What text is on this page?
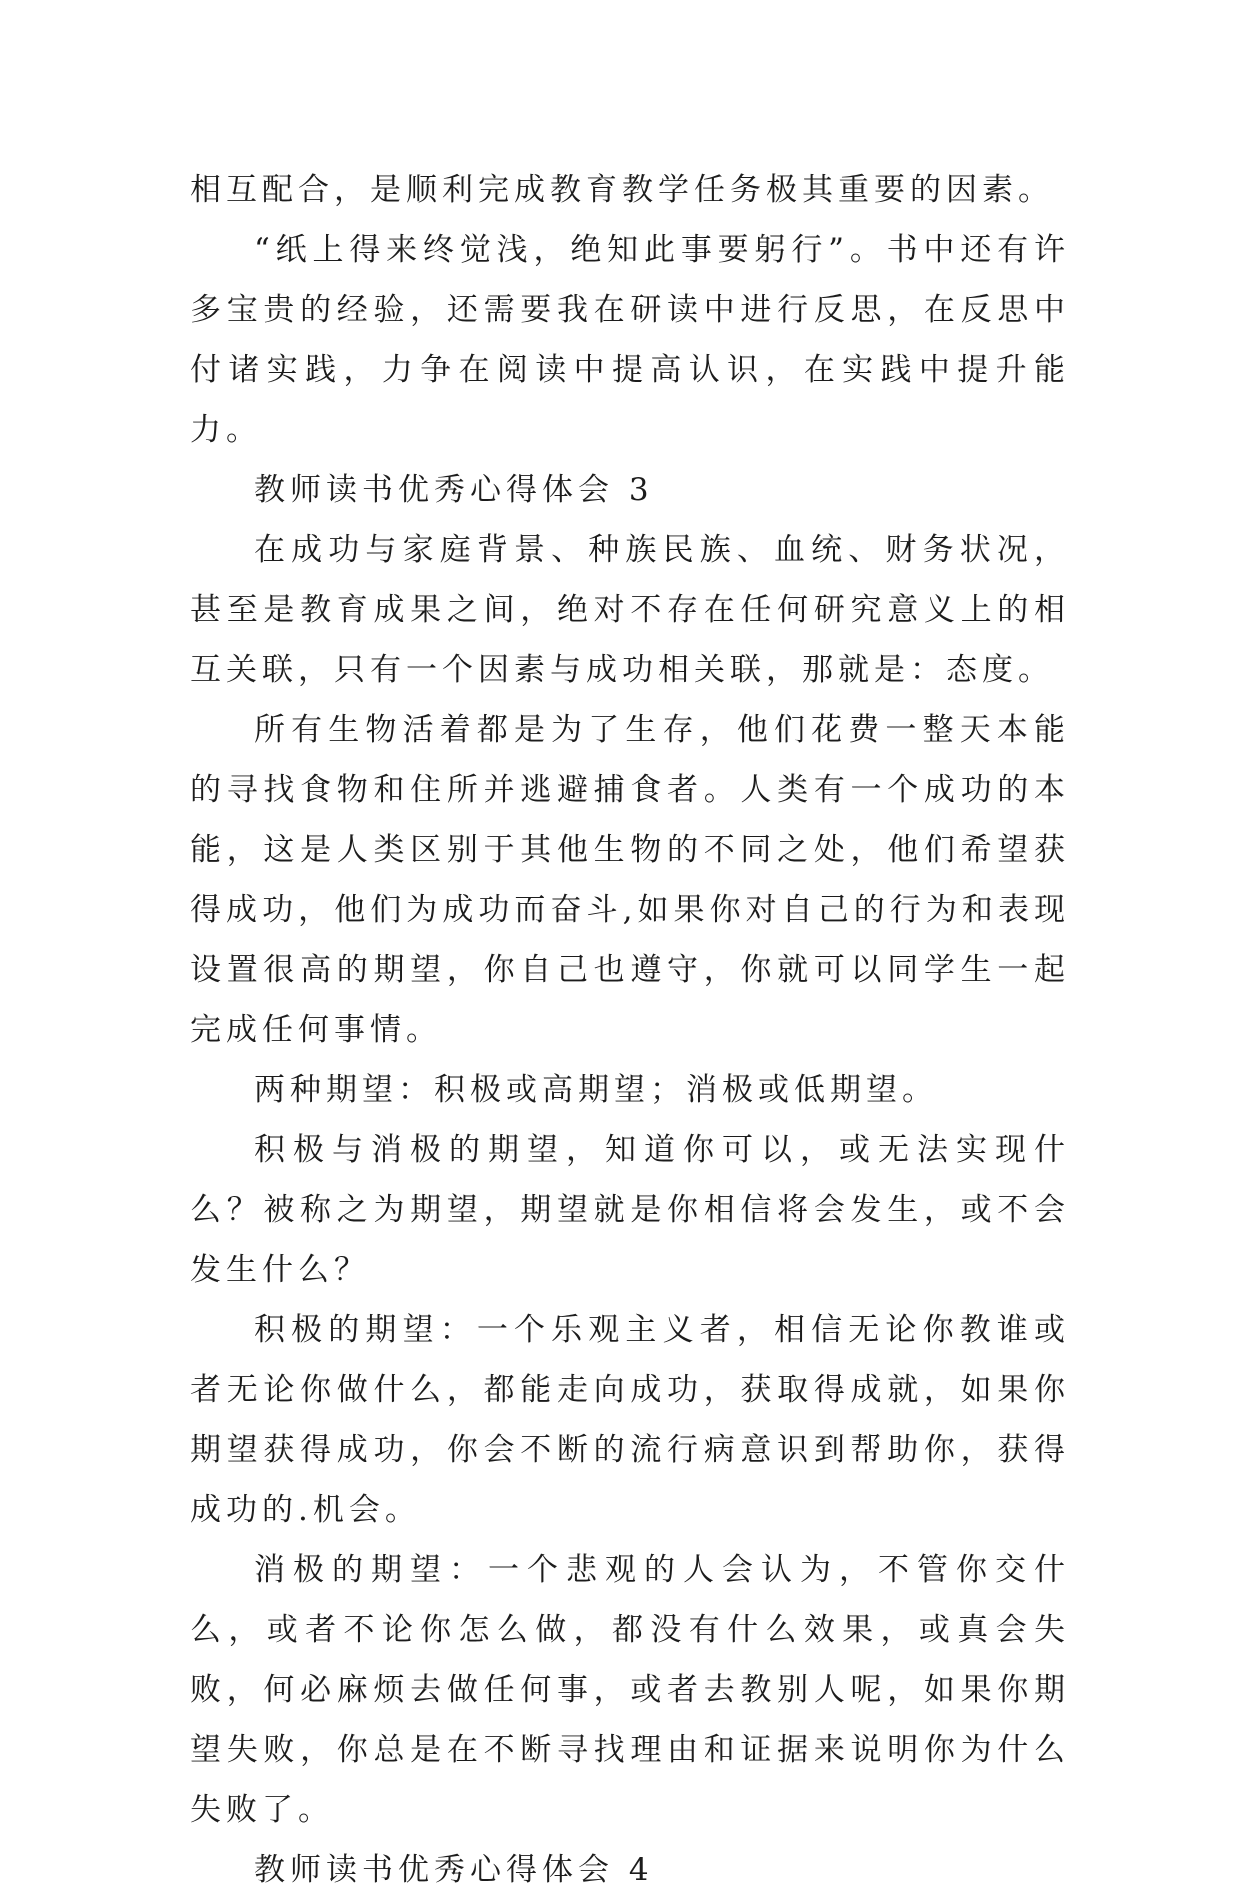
相互配合，是顺利完成教育教学任务极其重要的因素。

“纸上得来终觉浅，绝知此事要躬行”。书中还有许多宝贵的经验，还需要我在研读中进行反思，在反思中付诸实践，力争在阅读中提高认识，在实践中提升能力。

教师读书优秀心得体会 3

在成功与家庭背景、种族民族、血统、财务状况，甚至是教育成果之间，绝对不存在任何研究意义上的相互关联，只有一个因素与成功相关联，那就是：态度。

所有生物活着都是为了生存，他们花费一整天本能的寻找食物和住所并逃避捕食者。人类有一个成功的本能，这是人类区别于其他生物的不同之处，他们希望获得成功，他们为成功而奋斗,如果你对自己的行为和表现设置很高的期望，你自己也遵守，你就可以同学生一起完成任何事情。

两种期望：积极或高期望；消极或低期望。

积极与消极的期望，知道你可以，或无法实现什么？被称之为期望，期望就是你相信将会发生，或不会发生什么？

积极的期望：一个乐观主义者，相信无论你教谁或者无论你做什么，都能走向成功，获取得成就，如果你期望获得成功，你会不断的流行病意识到帮助你，获得成功的.机会。

消极的期望：一个悲观的人会认为，不管你交什么，或者不论你怎么做，都没有什么效果，或真会失败，何必麻烦去做任何事，或者去教别人呢，如果你期望失败，你总是在不断寻找理由和证据来说明你为什么失败了。

教师读书优秀心得体会 4
